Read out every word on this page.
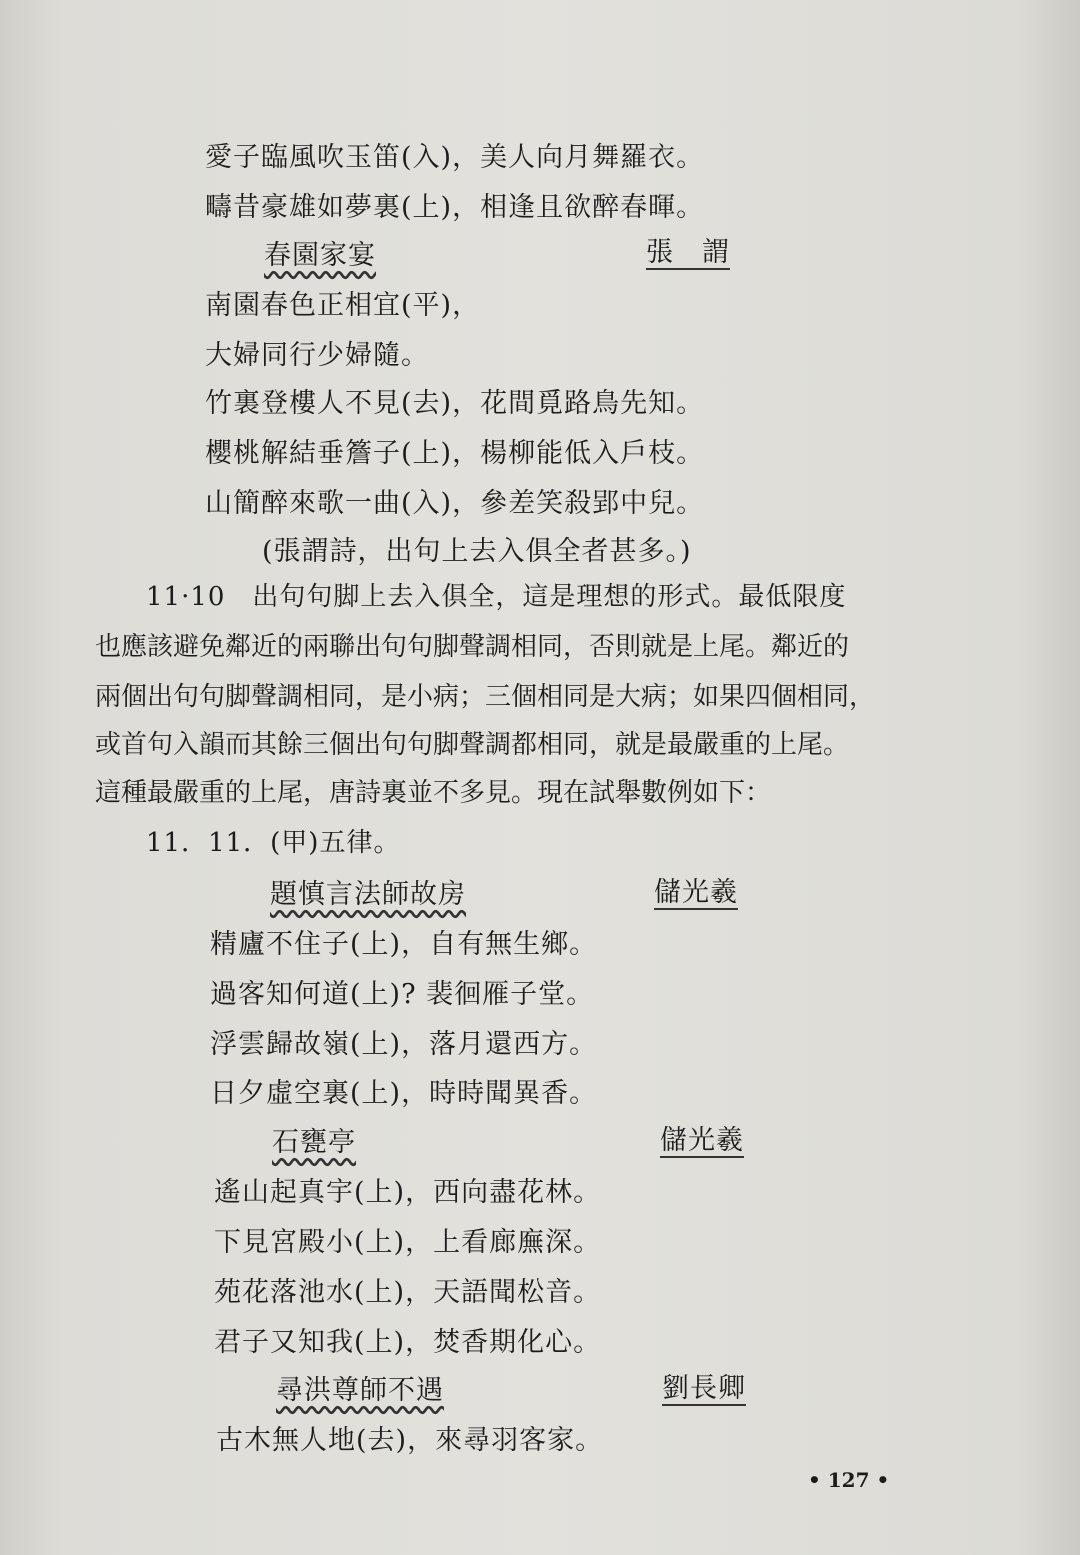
愛子臨風吹玉笛(入)，美人向月舞羅衣。
疇昔豪雄如夢裏(上)，相逢且欲醉春暉。
春園家宴	張　謂
南園春色正相宜(平)，
大婦同行少婦隨。
竹裏登樓人不見(去)，花間覓路鳥先知。
櫻桃解結垂簷子(上)，楊柳能低入戶枝。
山簡醉來歌一曲(入)，參差笑殺郢中兒。
(張謂詩，出句上去入俱全者甚多。)
11·10　出句句脚上去入俱全，這是理想的形式。最低限度
也應該避免鄰近的兩聯出句句脚聲調相同，否則就是上尾。鄰近的
兩個出句句脚聲調相同，是小病；三個相同是大病；如果四個相同，
或首句入韻而其餘三個出句句脚聲調都相同，就是最嚴重的上尾。
這種最嚴重的上尾，唐詩裏並不多見。現在試舉數例如下：
11．11．(甲)五律。
題慎言法師故房	儲光羲
精廬不住子(上)，自有無生鄉。
過客知何道(上)? 裴徊雁子堂。
浮雲歸故嶺(上)，落月還西方。
日夕虛空裏(上)，時時聞異香。
石甕亭	儲光羲
遙山起真宇(上)，西向盡花林。
下見宮殿小(上)，上看廊廡深。
苑花落池水(上)，天語聞松音。
君子又知我(上)，焚香期化心。
尋洪尊師不遇	劉長卿
古木無人地(去)，來尋羽客家。
• 127 •
